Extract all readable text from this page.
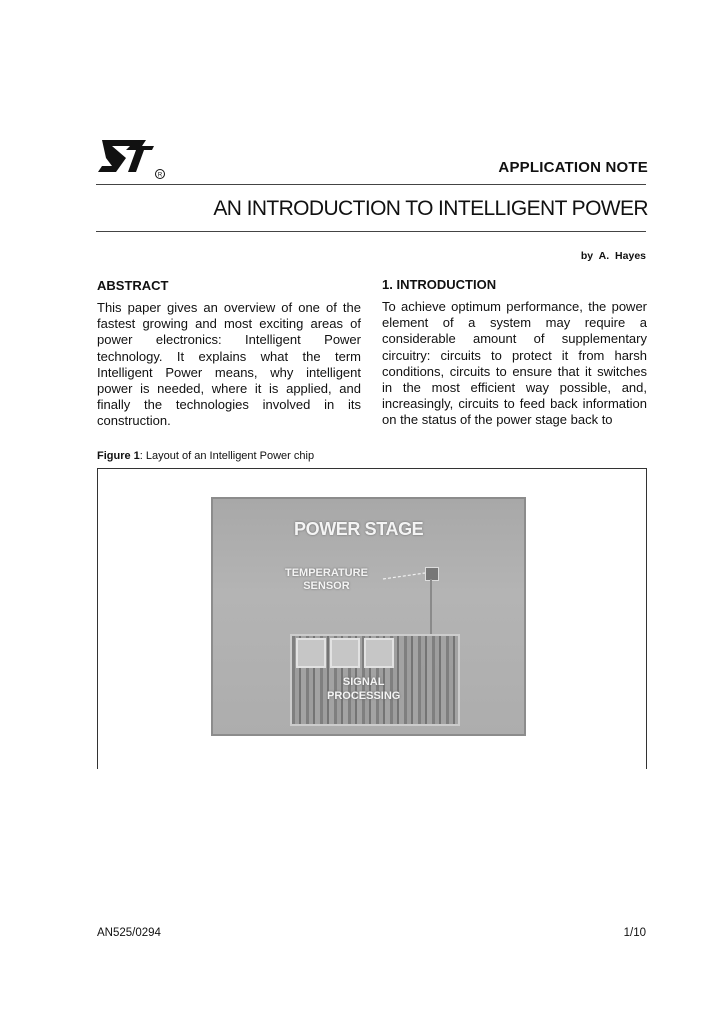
R	APPLICATION NOTE
AN INTRODUCTION TO INTELLIGENT POWER
by A. Hayes
ABSTRACT

This paper gives an overview of one of the fastest growing and most exciting areas of power electronics: Intelligent Power technology. It explains what the term Intelligent Power means, why intelligent power is needed, where it is applied, and finally the technologies involved in its construction.

1. INTRODUCTION

To achieve optimum performance, the power element of a system may require a considerable amount of supplementary circuitry: circuits to protect it from harsh conditions, circuits to ensure that it switches in the most efficient way possible, and, increasingly, circuits to feed back information on the status of the power stage back to

Figure 1: Layout of an Intelligent Power chip
POWER STAGE
TEMPERATURE
SENSOR
SIGNAL
PROCESSING
AN525/0294	1/10
